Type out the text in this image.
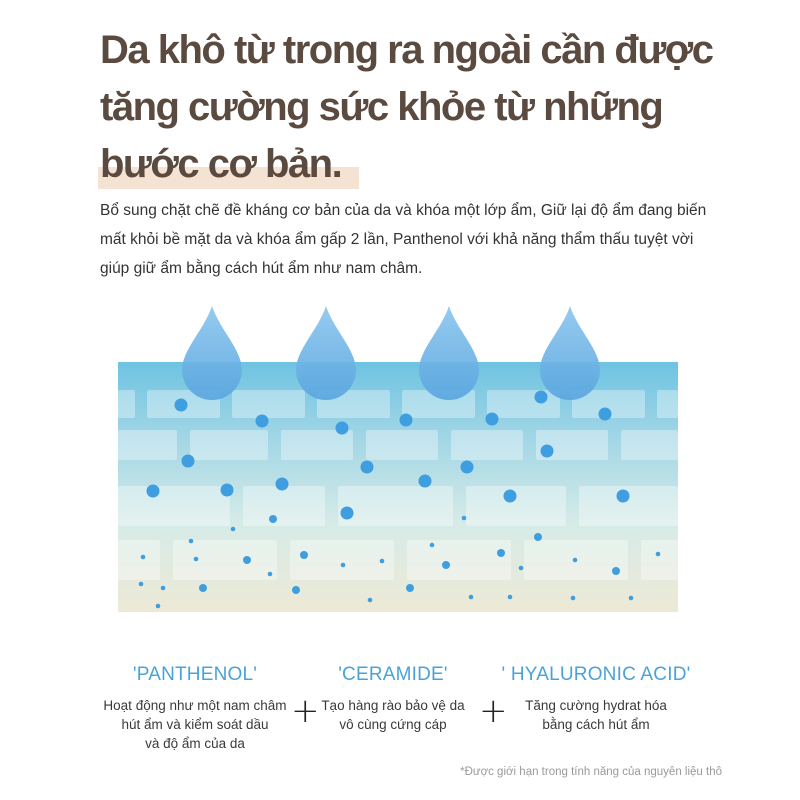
Da khô từ trong ra ngoài cần được
tăng cường sức khỏe từ những
bước cơ bản.

Bổ sung chặt chẽ đề kháng cơ bản của da và khóa một lớp ẩm, Giữ lại độ ẩm đang biến mất khỏi bề mặt da và khóa ẩm gấp 2 lần, Panthenol với khả năng thẩm thấu tuyệt vời giúp giữ ẩm bằng cách hút ẩm như nam châm.

'PANTHENOL'
Hoạt động như một nam châm
hút ẩm và kiểm soát dầu
và độ ẩm của da
+
'CERAMIDE'
Tạo hàng rào bảo vệ da
vô cùng cứng cáp +
' HYALURONIC ACID'
Tăng cường hydrat hóa
bằng cách hút ẩm
*Được giới hạn trong tính năng của nguyên liệu thô
